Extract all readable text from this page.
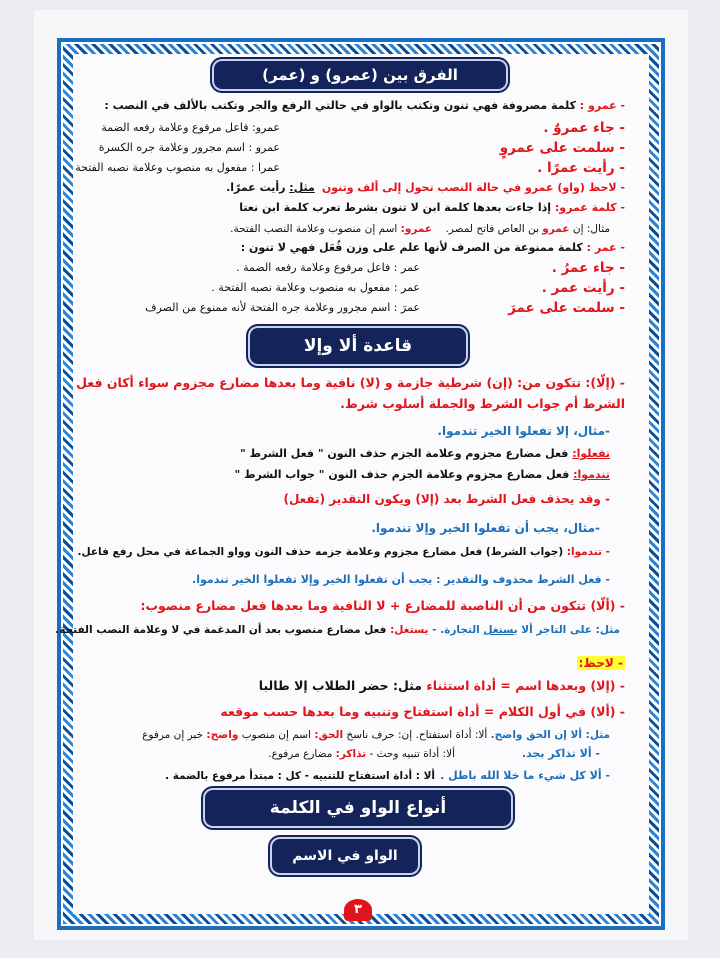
الفرق بين (عمرو) و (عمر)
- عمرو : كلمة مصروفة فهي تنون وتكتب بالواو في حالتي الرفع والجر وتكتب بالألف في النصب :
- جاء عمروٌ .
عمرو: فاعل مرفوع وعلامة رفعه الضمة
- سلمت على عمروٍ
عمرو : اسم مجرور وعلامة جره الكسرة
- رأيت عمرًا .
عمرا : مفعول به منصوب وعلامة نصبه الفتحة
- لاحظ (واو) عمرو في حالة النصب تحول إلى ألف وتنون  مثل: رأيت عمرًا.
- كلمة عمرو: إذا جاءت بعدها كلمة ابن لا تنون بشرط تعرب كلمة ابن نعتا
مثال: إن عمرو بن العاص فاتح لمصر.    عمرو: اسم إن منصوب وعلامة النصب الفتحة.
- عمر : كلمة ممنوعة من الصرف لأنها علم على وزن فُعَل فهي لا تنون :
- جاء عمرُ .
عمر : فاعل مرفوع وعلامة رفعه الضمة .
- رأيت عمر .
عمر : مفعول به منصوب وعلامة نصبه الفتحة .
- سلمت على عمرَ
عمرَ : اسم مجرور وعلامة جره الفتحة لأنه ممنوع من الصرف
قاعدة ألا وإلا
- (إلّا): تتكون من: (إن) شرطية جازمة و (لا) نافية وما بعدها مضارع مجزوم سواء أكان فعل
الشرط أم جواب الشرط والجملة أسلوب شرط.
-مثال، إلا تفعلوا الخير تندموا.
تفعلوا: فعل مضارع مجزوم وعلامة الجزم حذف النون " فعل الشرط "
تندموا: فعل مضارع مجزوم وعلامة الجزم حذف النون " جواب الشرط "
- وقد يحذف فعل الشرط بعد (إلا) ويكون التقدير (تفعل)
-مثال، يجب أن تفعلوا الخير وإلا تندموا.
- تندموا: (جواب الشرط) فعل مضارع مجزوم وعلامة جزمه حذف النون وواو الجماعة في محل رفع فاعل.
- فعل الشرط محذوف والتقدير : يجب أن تفعلوا الخير وإلا تفعلوا الخير تندموا.
- (ألّا) تتكون من أن الناصبة للمضارع + لا النافية وما بعدها فعل مضارع منصوب:
مثل: على التاجر ألا يستغل التجارة. - يستغل: فعل مضارع منصوب بعد أن المدغمة في لا وعلامة النصب الفتحة.
- لاحظ:
- (إلا) وبعدها اسم = أداة استثناء مثل: حضر الطلاب إلا طالبا
- (ألا) في أول الكلام = أداة استفتاح وتنبيه وما بعدها حسب موقعه
مثل: ألا إن الحق واضح. ألا: أداة استفتاح. إن: حرف ناسخ الحق: اسم إن منصوب واضح: خبر إن مرفوع
- ألا تذاكر بجد.
ألا: أداة تنبيه وحث - تذاكر: مضارع مرفوع.
- ألا كل شيء ما خلا الله باطل .
ألا : أداة استفتاح للتنبيه - كل : مبتدأ مرفوع بالضمة .
أنواع الواو في الكلمة
الواو في الاسم
٣
